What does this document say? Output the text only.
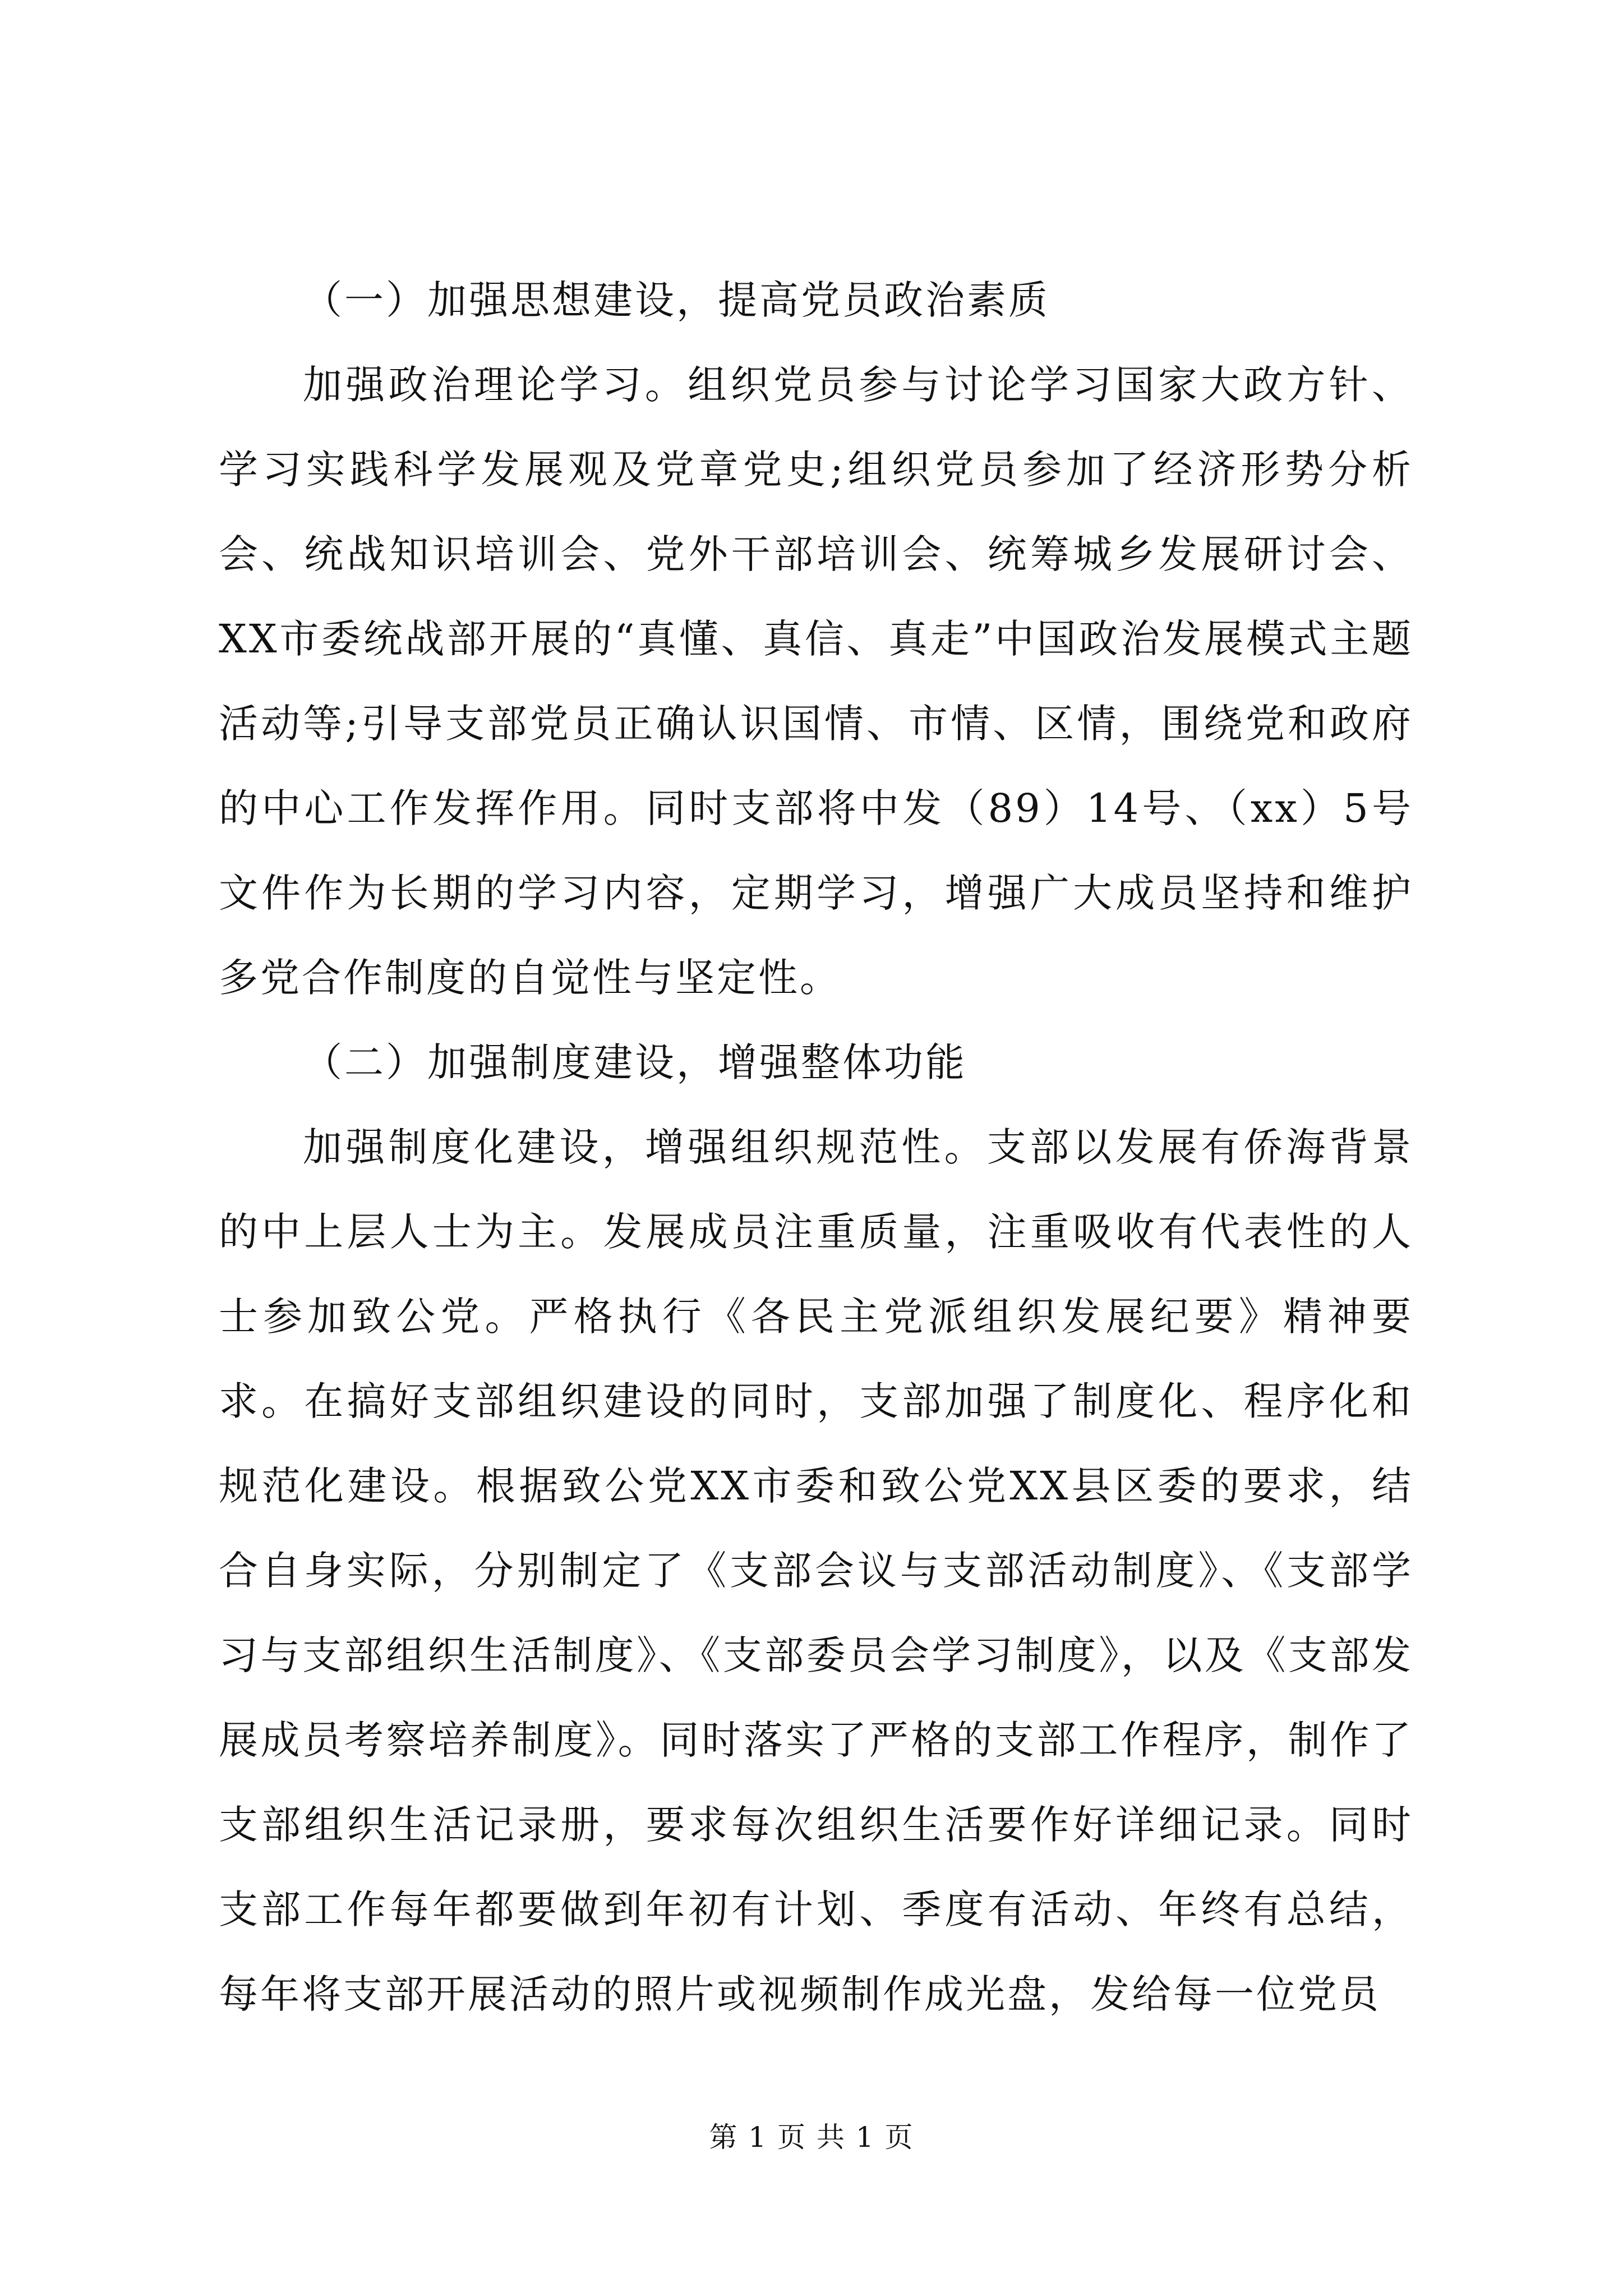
（一）加强思想建设，提高党员政治素质

加强政治理论学习。组织党员参与讨论学习国家大政方针、学习实践科学发展观及党章党史;组织党员参加了经济形势分析会、统战知识培训会、党外干部培训会、统筹城乡发展研讨会、XX市委统战部开展的“真懂、真信、真走”中国政治发展模式主题活动等;引导支部党员正确认识国情、市情、区情，围绕党和政府的中心工作发挥作用。同时支部将中发（89）14号、（xx）5号文件作为长期的学习内容，定期学习，增强广大成员坚持和维护多党合作制度的自觉性与坚定性。

（二）加强制度建设，增强整体功能

加强制度化建设，增强组织规范性。支部以发展有侨海背景的中上层人士为主。发展成员注重质量，注重吸收有代表性的人士参加致公党。严格执行《各民主党派组织发展纪要》精神要求。在搞好支部组织建设的同时，支部加强了制度化、程序化和规范化建设。根据致公党XX市委和致公党XX县区委的要求，结合自身实际，分别制定了《支部会议与支部活动制度》、《支部学习与支部组织生活制度》、《支部委员会学习制度》，以及《支部发展成员考察培养制度》。同时落实了严格的支部工作程序，制作了支部组织生活记录册，要求每次组织生活要作好详细记录。同时支部工作每年都要做到年初有计划、季度有活动、年终有总结，每年将支部开展活动的照片或视频制作成光盘，发给每一位党员

第 1 页 共 1 页
